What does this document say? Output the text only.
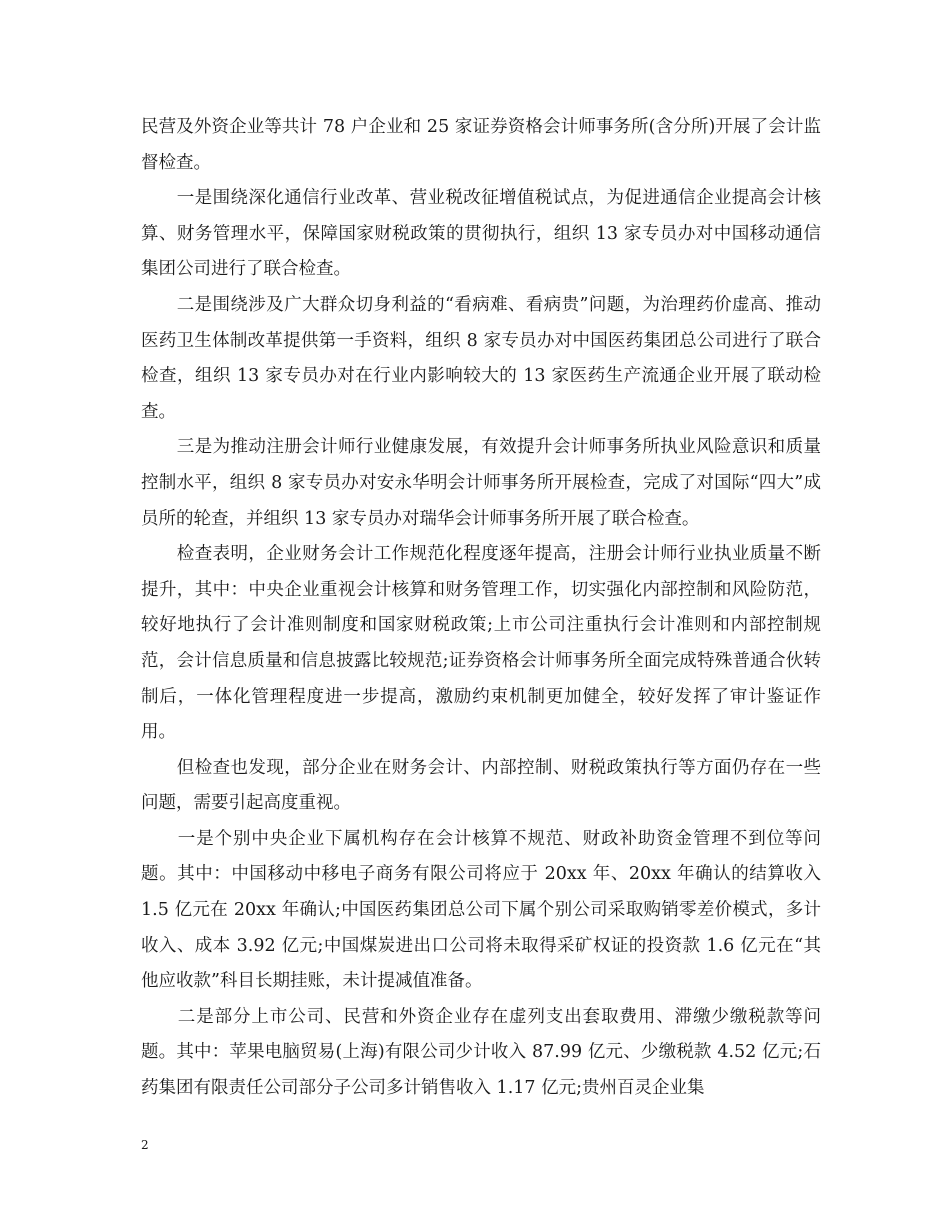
民营及外资企业等共计 78 户企业和 25 家证券资格会计师事务所(含分所)开展了会计监督检查。

　　一是围绕深化通信行业改革、营业税改征增值税试点，为促进通信企业提高会计核算、财务管理水平，保障国家财税政策的贯彻执行，组织 13 家专员办对中国移动通信集团公司进行了联合检查。

　　二是围绕涉及广大群众切身利益的“看病难、看病贵”问题，为治理药价虚高、推动医药卫生体制改革提供第一手资料，组织 8 家专员办对中国医药集团总公司进行了联合检查，组织 13 家专员办对在行业内影响较大的 13 家医药生产流通企业开展了联动检查。

　　三是为推动注册会计师行业健康发展，有效提升会计师事务所执业风险意识和质量控制水平，组织 8 家专员办对安永华明会计师事务所开展检查，完成了对国际“四大”成员所的轮查，并组织 13 家专员办对瑞华会计师事务所开展了联合检查。

　　检查表明，企业财务会计工作规范化程度逐年提高，注册会计师行业执业质量不断提升，其中：中央企业重视会计核算和财务管理工作，切实强化内部控制和风险防范，较好地执行了会计准则制度和国家财税政策;上市公司注重执行会计准则和内部控制规范，会计信息质量和信息披露比较规范;证券资格会计师事务所全面完成特殊普通合伙转制后，一体化管理程度进一步提高，激励约束机制更加健全，较好发挥了审计鉴证作用。

　　但检查也发现，部分企业在财务会计、内部控制、财税政策执行等方面仍存在一些问题，需要引起高度重视。

　　一是个别中央企业下属机构存在会计核算不规范、财政补助资金管理不到位等问题。其中：中国移动中移电子商务有限公司将应于 20xx 年、20xx 年确认的结算收入 1.5 亿元在 20xx 年确认;中国医药集团总公司下属个别公司采取购销零差价模式，多计收入、成本 3.92 亿元;中国煤炭进出口公司将未取得采矿权证的投资款 1.6 亿元在“其他应收款”科目长期挂账，未计提减值准备。

　　二是部分上市公司、民营和外资企业存在虚列支出套取费用、滞缴少缴税款等问题。其中：苹果电脑贸易(上海)有限公司少计收入 87.99 亿元、少缴税款 4.52 亿元;石药集团有限责任公司部分子公司多计销售收入 1.17 亿元;贵州百灵企业集

2
